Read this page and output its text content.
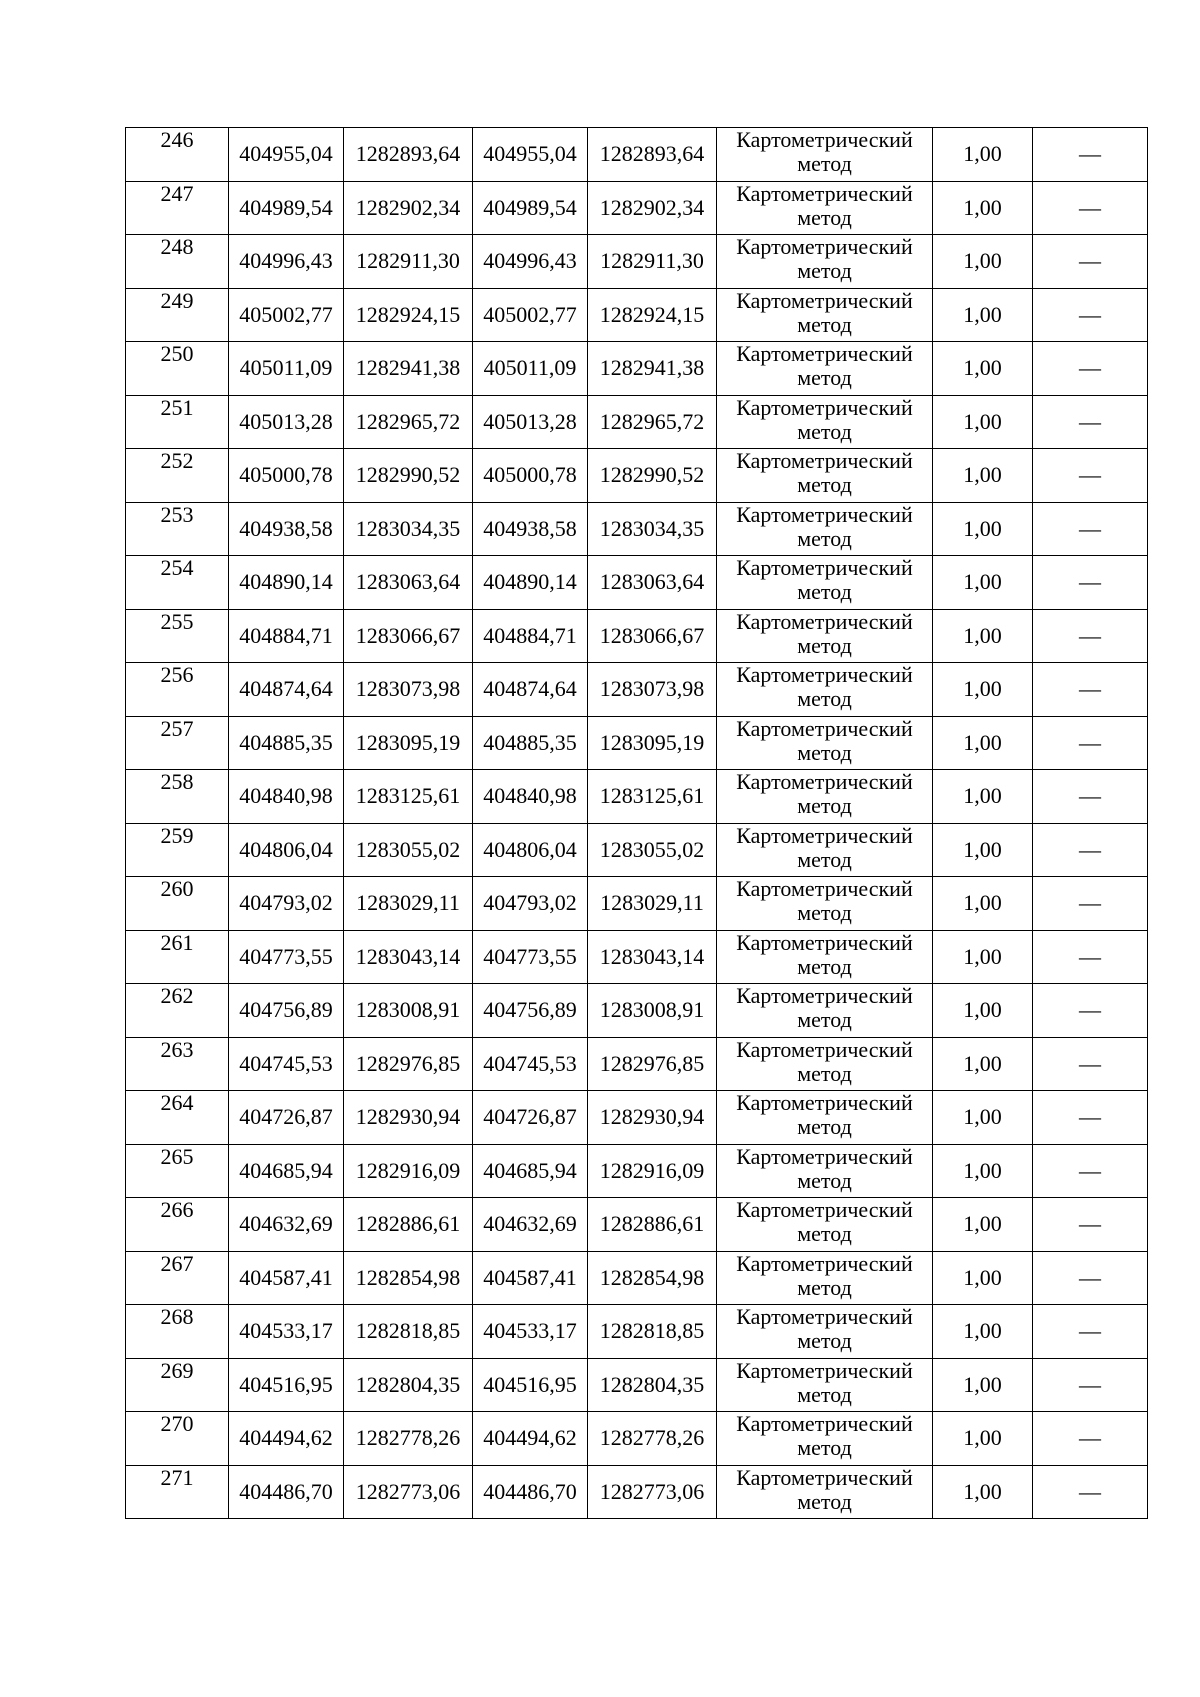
246	404955,04	1282893,64	404955,04	1282893,64	Картометрический
метод	1,00	—
247	404989,54	1282902,34	404989,54	1282902,34	Картометрический
метод	1,00	—
248	404996,43	1282911,30	404996,43	1282911,30	Картометрический
метод	1,00	—
249	405002,77	1282924,15	405002,77	1282924,15	Картометрический
метод	1,00	—
250	405011,09	1282941,38	405011,09	1282941,38	Картометрический
метод	1,00	—
251	405013,28	1282965,72	405013,28	1282965,72	Картометрический
метод	1,00	—
252	405000,78	1282990,52	405000,78	1282990,52	Картометрический
метод	1,00	—
253	404938,58	1283034,35	404938,58	1283034,35	Картометрический
метод	1,00	—
254	404890,14	1283063,64	404890,14	1283063,64	Картометрический
метод	1,00	—
255	404884,71	1283066,67	404884,71	1283066,67	Картометрический
метод	1,00	—
256	404874,64	1283073,98	404874,64	1283073,98	Картометрический
метод	1,00	—
257	404885,35	1283095,19	404885,35	1283095,19	Картометрический
метод	1,00	—
258	404840,98	1283125,61	404840,98	1283125,61	Картометрический
метод	1,00	—
259	404806,04	1283055,02	404806,04	1283055,02	Картометрический
метод	1,00	—
260	404793,02	1283029,11	404793,02	1283029,11	Картометрический
метод	1,00	—
261	404773,55	1283043,14	404773,55	1283043,14	Картометрический
метод	1,00	—
262	404756,89	1283008,91	404756,89	1283008,91	Картометрический
метод	1,00	—
263	404745,53	1282976,85	404745,53	1282976,85	Картометрический
метод	1,00	—
264	404726,87	1282930,94	404726,87	1282930,94	Картометрический
метод	1,00	—
265	404685,94	1282916,09	404685,94	1282916,09	Картометрический
метод	1,00	—
266	404632,69	1282886,61	404632,69	1282886,61	Картометрический
метод	1,00	—
267	404587,41	1282854,98	404587,41	1282854,98	Картометрический
метод	1,00	—
268	404533,17	1282818,85	404533,17	1282818,85	Картометрический
метод	1,00	—
269	404516,95	1282804,35	404516,95	1282804,35	Картометрический
метод	1,00	—
270	404494,62	1282778,26	404494,62	1282778,26	Картометрический
метод	1,00	—
271	404486,70	1282773,06	404486,70	1282773,06	Картометрический
метод	1,00	—
